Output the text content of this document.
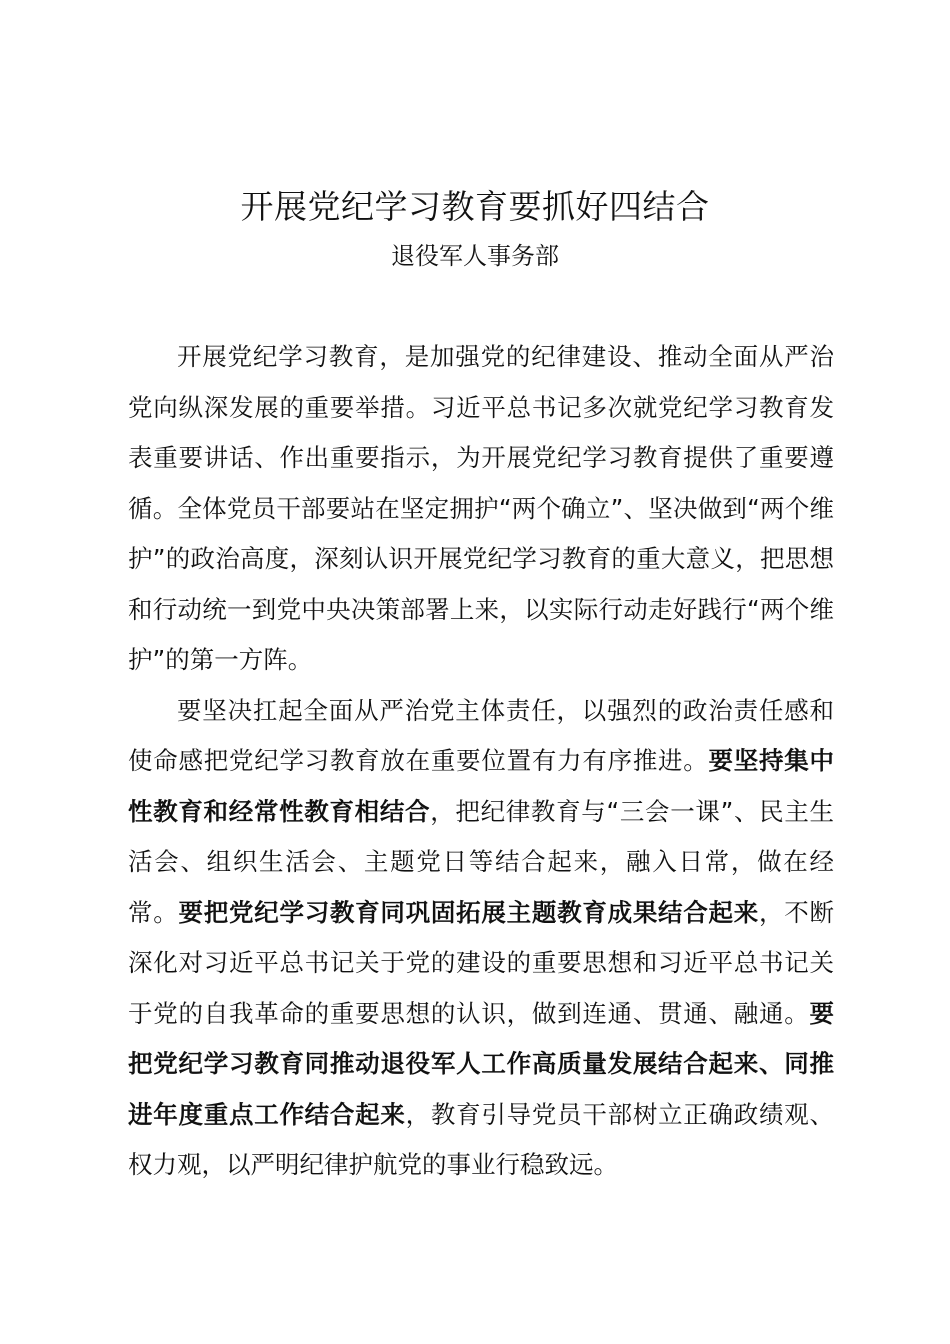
开展党纪学习教育要抓好四结合
退役军人事务部

开展党纪学习教育，是加强党的纪律建设、推动全面从严治党向纵深发展的重要举措。习近平总书记多次就党纪学习教育发表重要讲话、作出重要指示，为开展党纪学习教育提供了重要遵循。全体党员干部要站在坚定拥护“两个确立”、坚决做到“两个维护”的政治高度，深刻认识开展党纪学习教育的重大意义，把思想和行动统一到党中央决策部署上来，以实际行动走好践行“两个维护”的第一方阵。

要坚决扛起全面从严治党主体责任，以强烈的政治责任感和使命感把党纪学习教育放在重要位置有力有序推进。要坚持集中性教育和经常性教育相结合，把纪律教育与“三会一课”、民主生活会、组织生活会、主题党日等结合起来，融入日常，做在经常。要把党纪学习教育同巩固拓展主题教育成果结合起来，不断深化对习近平总书记关于党的建设的重要思想和习近平总书记关于党的自我革命的重要思想的认识，做到连通、贯通、融通。要把党纪学习教育同推动退役军人工作高质量发展结合起来、同推进年度重点工作结合起来，教育引导党员干部树立正确政绩观、权力观，以严明纪律护航党的事业行稳致远。
